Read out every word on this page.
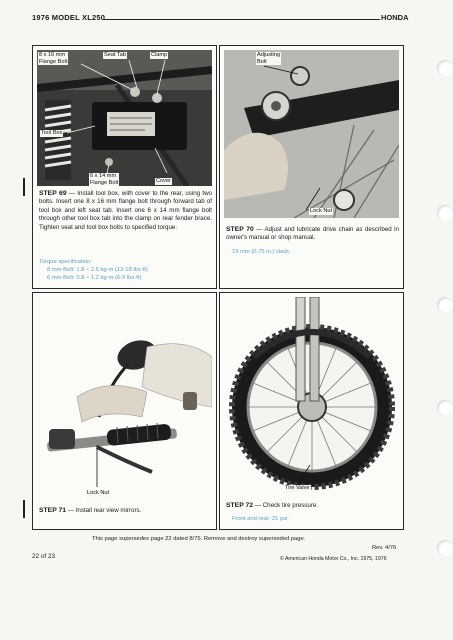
1976 MODEL XL250	HONDA
8 x 16 mm
Flange Bolt
Seat Tab	Clamp
Tool Box
6 x 14 mm
Flange Bolt	Cover
STEP 69 — Install tool box, with cover to the rear, using two bolts. Insert one 8 x 16 mm flange bolt through forward tab of tool box and left seat tab. Insert one 6 x 14 mm flange bolt through other tool box tab into the clamp on rear fender brace. Tighten seat and tool box bolts to specified torque.
Torque specification:
8 mm Bolt: 1.8 – 2.5 kg-m (13-18 lbs-ft)
6 mm Bolt: 0.8 – 1.2 kg-m (6-9 lbs-ft)
Adjusting
Bolt
Lock Nut
STEP 70 — Adjust and lubricate drive chain as described in owner's manual or shop manual.
19 mm (0.75 in.) slack.
Lock Nut
STEP 71 — Install rear view mirrors.
Tire Valve
STEP 72 — Check tire pressure.
Front and rear: 21 psi.
This page supersedes page 22 dated 8/75. Remove and destroy superseded page.
Rev. 4/76
22 of 23	© American Honda Motor Co., Inc. 1975, 1976
